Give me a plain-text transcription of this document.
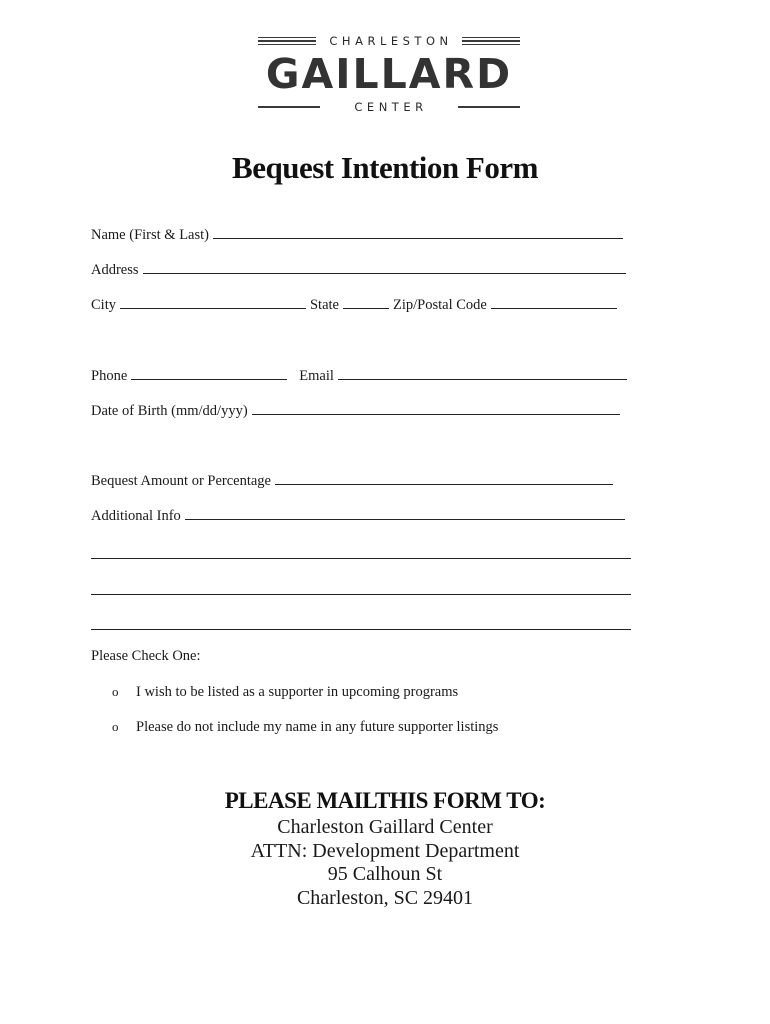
CHARLESTON
GAILLARD
CENTER
Bequest Intention Form
Name (First & Last)
Address
City	State	Zip/Postal Code
Phone	Email
Date of Birth (mm/dd/yyy)
Bequest Amount or Percentage
Additional Info
Please Check One:
o	I wish to be listed as a supporter in upcoming programs
o	Please do not include my name in any future supporter listings
PLEASE MAILTHIS FORM TO:
Charleston Gaillard Center
ATTN: Development Department
95 Calhoun St
Charleston, SC 29401
